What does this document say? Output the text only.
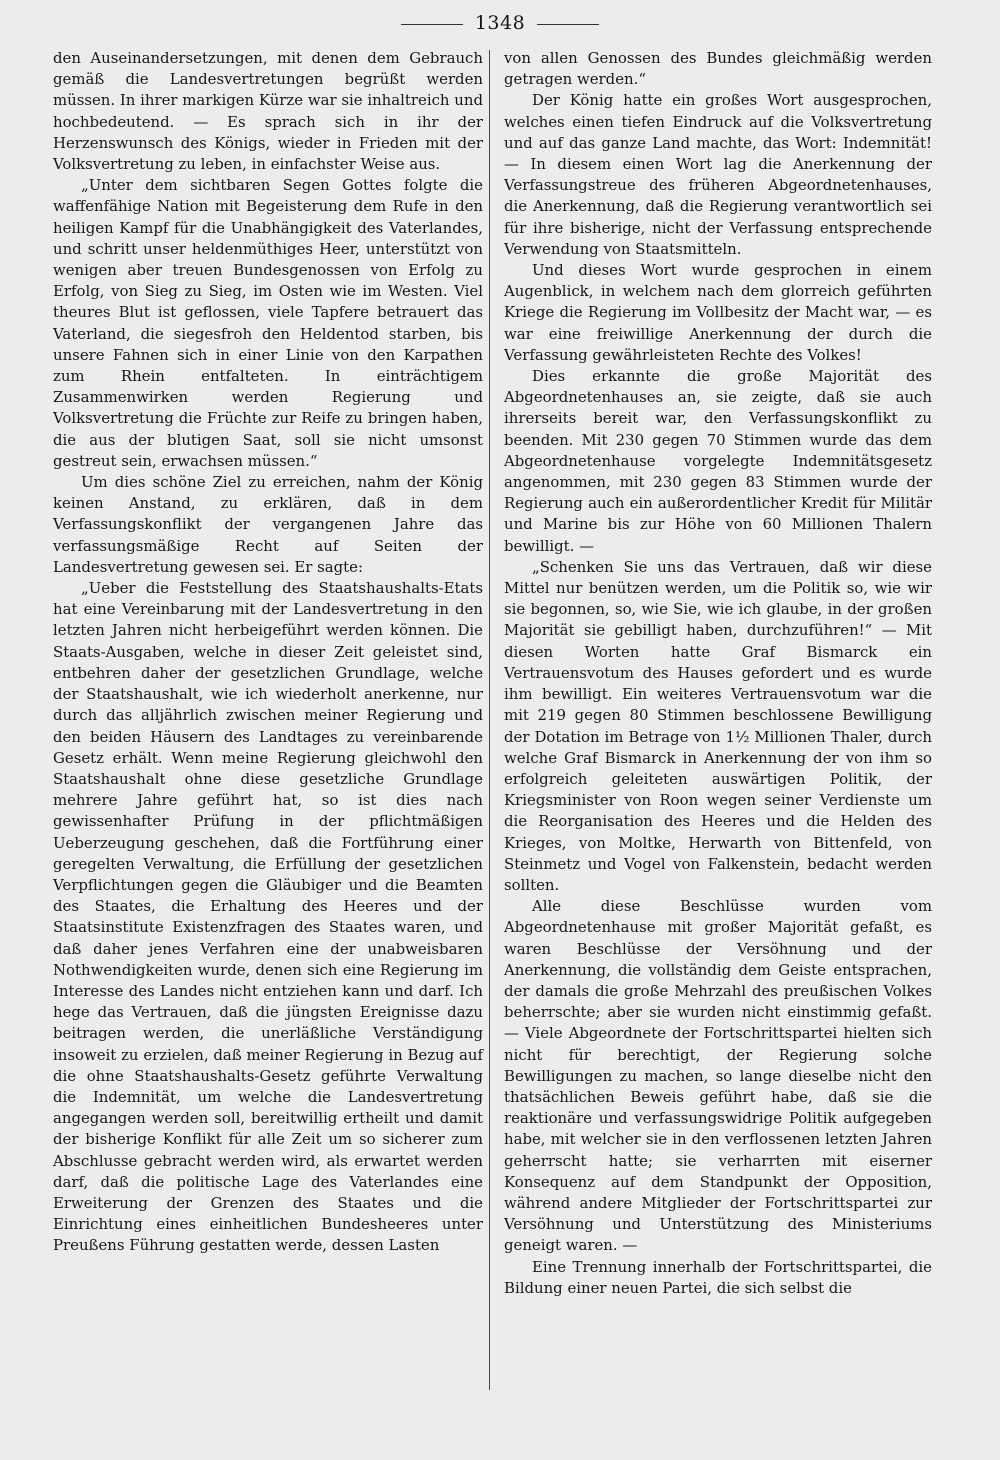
1348

den Auseinandersetzungen, mit denen dem Gebrauch gemäß die Landesvertretungen begrüßt werden müssen. In ihrer markigen Kürze war sie inhaltreich und hochbedeutend. — Es sprach sich in ihr der Herzenswunsch des Königs, wieder in Frieden mit der Volksvertretung zu leben, in einfachster Weise aus.

„Unter dem sichtbaren Segen Gottes folgte die waffenfähige Nation mit Begeisterung dem Rufe in den heiligen Kampf für die Unabhängigkeit des Vaterlandes, und schritt unser heldenmüthiges Heer, unterstützt von wenigen aber treuen Bundesgenossen von Erfolg zu Erfolg, von Sieg zu Sieg, im Osten wie im Westen. Viel theures Blut ist geflossen, viele Tapfere betrauert das Vaterland, die siegesfroh den Heldentod starben, bis unsere Fahnen sich in einer Linie von den Karpathen zum Rhein entfalteten. In einträchtigem Zusammenwirken werden Regierung und Volksvertretung die Früchte zur Reife zu bringen haben, die aus der blutigen Saat, soll sie nicht umsonst gestreut sein, erwachsen müssen.“

Um dies schöne Ziel zu erreichen, nahm der König keinen Anstand, zu erklären, daß in dem Verfassungskonflikt der vergangenen Jahre das verfassungsmäßige Recht auf Seiten der Landesvertretung gewesen sei. Er sagte:

„Ueber die Feststellung des Staatshaushalts-Etats hat eine Vereinbarung mit der Landesvertretung in den letzten Jahren nicht herbeigeführt werden können. Die Staats-Ausgaben, welche in dieser Zeit geleistet sind, entbehren daher der gesetzlichen Grundlage, welche der Staatshaushalt, wie ich wiederholt anerkenne, nur durch das alljährlich zwischen meiner Regierung und den beiden Häusern des Landtages zu vereinbarende Gesetz erhält. Wenn meine Regierung gleichwohl den Staatshaushalt ohne diese gesetzliche Grundlage mehrere Jahre geführt hat, so ist dies nach gewissenhafter Prüfung in der pflichtmäßigen Ueberzeugung geschehen, daß die Fortführung einer geregelten Verwaltung, die Erfüllung der gesetzlichen Verpflichtungen gegen die Gläubiger und die Beamten des Staates, die Erhaltung des Heeres und der Staatsinstitute Existenzfragen des Staates waren, und daß daher jenes Verfahren eine der unabweisbaren Nothwendigkeiten wurde, denen sich eine Regierung im Interesse des Landes nicht entziehen kann und darf. Ich hege das Vertrauen, daß die jüngsten Ereignisse dazu beitragen werden, die unerläßliche Verständigung insoweit zu erzielen, daß meiner Regierung in Bezug auf die ohne Staatshaushalts-Gesetz geführte Verwaltung die Indemnität, um welche die Landesvertretung angegangen werden soll, bereitwillig ertheilt und damit der bisherige Konflikt für alle Zeit um so sicherer zum Abschlusse gebracht werden wird, als erwartet werden darf, daß die politische Lage des Vaterlandes eine Erweiterung der Grenzen des Staates und die Einrichtung eines einheitlichen Bundesheeres unter Preußens Führung gestatten werde, dessen Lasten

von allen Genossen des Bundes gleichmäßig werden getragen werden.“

Der König hatte ein großes Wort ausgesprochen, welches einen tiefen Eindruck auf die Volksvertretung und auf das ganze Land machte, das Wort: Indemnität! — In diesem einen Wort lag die Anerkennung der Verfassungstreue des früheren Abgeordnetenhauses, die Anerkennung, daß die Regierung verantwortlich sei für ihre bisherige, nicht der Verfassung entsprechende Verwendung von Staatsmitteln.

Und dieses Wort wurde gesprochen in einem Augenblick, in welchem nach dem glorreich geführten Kriege die Regierung im Vollbesitz der Macht war, — es war eine freiwillige Anerkennung der durch die Verfassung gewährleisteten Rechte des Volkes!

Dies erkannte die große Majorität des Abgeordnetenhauses an, sie zeigte, daß sie auch ihrerseits bereit war, den Verfassungskonflikt zu beenden. Mit 230 gegen 70 Stimmen wurde das dem Abgeordnetenhause vorgelegte Indemnitätsgesetz angenommen, mit 230 gegen 83 Stimmen wurde der Regierung auch ein außerordentlicher Kredit für Militär und Marine bis zur Höhe von 60 Millionen Thalern bewilligt. —

„Schenken Sie uns das Vertrauen, daß wir diese Mittel nur benützen werden, um die Politik so, wie wir sie begonnen, so, wie Sie, wie ich glaube, in der großen Majorität sie gebilligt haben, durchzuführen!“ — Mit diesen Worten hatte Graf Bismarck ein Vertrauensvotum des Hauses gefordert und es wurde ihm bewilligt. Ein weiteres Vertrauensvotum war die mit 219 gegen 80 Stimmen beschlossene Bewilligung der Dotation im Betrage von 1½ Millionen Thaler, durch welche Graf Bismarck in Anerkennung der von ihm so erfolgreich geleiteten auswärtigen Politik, der Kriegsminister von Roon wegen seiner Verdienste um die Reorganisation des Heeres und die Helden des Krieges, von Moltke, Herwarth von Bittenfeld, von Steinmetz und Vogel von Falkenstein, bedacht werden sollten.

Alle diese Beschlüsse wurden vom Abgeordnetenhause mit großer Majorität gefaßt, es waren Beschlüsse der Versöhnung und der Anerkennung, die vollständig dem Geiste entsprachen, der damals die große Mehrzahl des preußischen Volkes beherrschte; aber sie wurden nicht einstimmig gefaßt. — Viele Abgeordnete der Fortschrittspartei hielten sich nicht für berechtigt, der Regierung solche Bewilligungen zu machen, so lange dieselbe nicht den thatsächlichen Beweis geführt habe, daß sie die reaktionäre und verfassungswidrige Politik aufgegeben habe, mit welcher sie in den verflossenen letzten Jahren geherrscht hatte; sie verharrten mit eiserner Konsequenz auf dem Standpunkt der Opposition, während andere Mitglieder der Fortschrittspartei zur Versöhnung und Unterstützung des Ministeriums geneigt waren. —

Eine Trennung innerhalb der Fortschrittspartei, die Bildung einer neuen Partei, die sich selbst die
